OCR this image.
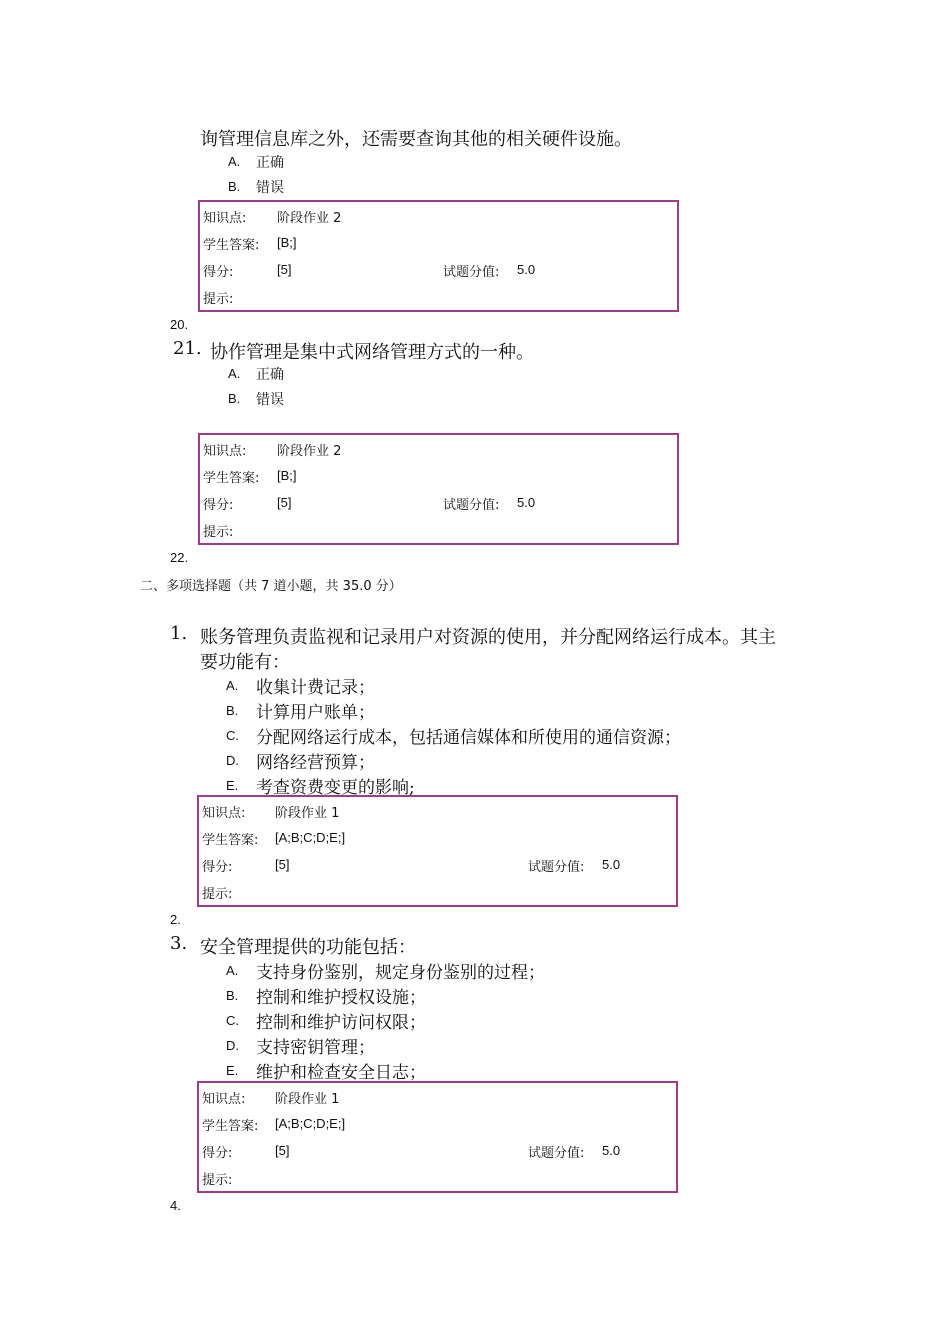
询管理信息库之外，还需要查询其他的相关硬件设施。
A. 正确
B. 错误
知识点: 阶段作业 2
学生答案: [B;]
得分:	[5]	试题分值: 5.0
提示:
20.
21. 协作管理是集中式网络管理方式的一种。
A. 正确
B. 错误
知识点: 阶段作业 2
学生答案: [B;]
得分:	[5]	试题分值: 5.0
提示:
22.
二、多项选择题（共 7 道小题，共 35.0 分）
1. 账务管理负责监视和记录用户对资源的使用，并分配网络运行成本。其主
要功能有：
A. 收集计费记录；
B. 计算用户账单；
C. 分配网络运行成本，包括通信媒体和所使用的通信资源；
D. 网络经营预算；
E. 考查资费变更的影响;
知识点: 阶段作业 1
学生答案: [A;B;C;D;E;]
得分:	[5]	试题分值: 5.0
提示:
2.
3. 安全管理提供的功能包括：
A. 支持身份鉴别，规定身份鉴别的过程；
B. 控制和维护授权设施；
C. 控制和维护访问权限；
D. 支持密钥管理；
E. 维护和检查安全日志；
知识点: 阶段作业 1
学生答案: [A;B;C;D;E;]
得分:	[5]	试题分值: 5.0
提示:
4.
